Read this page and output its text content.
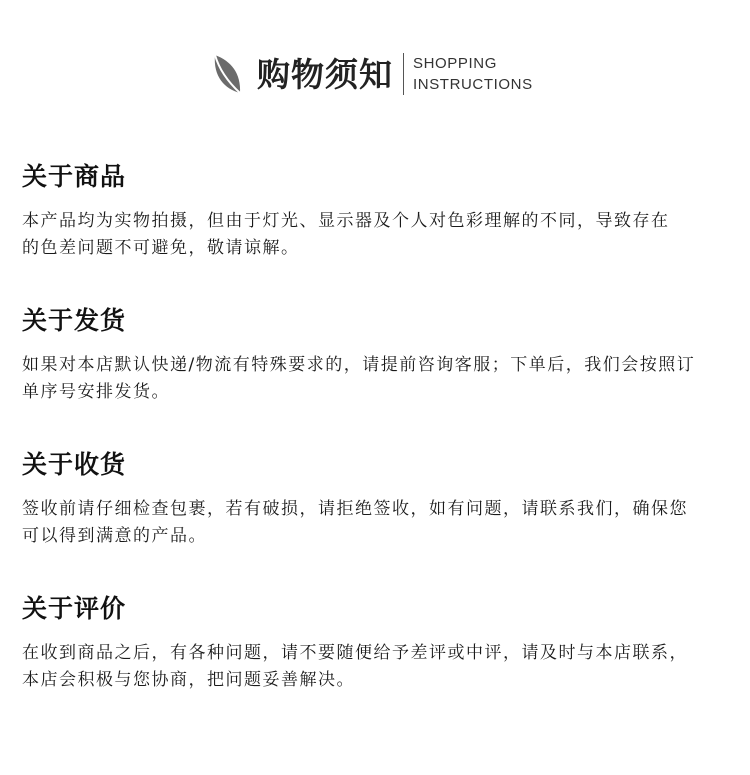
购物须知 SHOPPING
INSTRUCTIONS
关于商品

本产品均为实物拍摄，但由于灯光、显示器及个人对色彩理解的不同，导致存在
的色差问题不可避免，敬请谅解。

关于发货

如果对本店默认快递/物流有特殊要求的，请提前咨询客服；下单后，我们会按照订
单序号安排发货。

关于收货

签收前请仔细检查包裹，若有破损，请拒绝签收，如有问题，请联系我们，确保您
可以得到满意的产品。

关于评价

在收到商品之后，有各种问题，请不要随便给予差评或中评，请及时与本店联系，
本店会积极与您协商，把问题妥善解决。
